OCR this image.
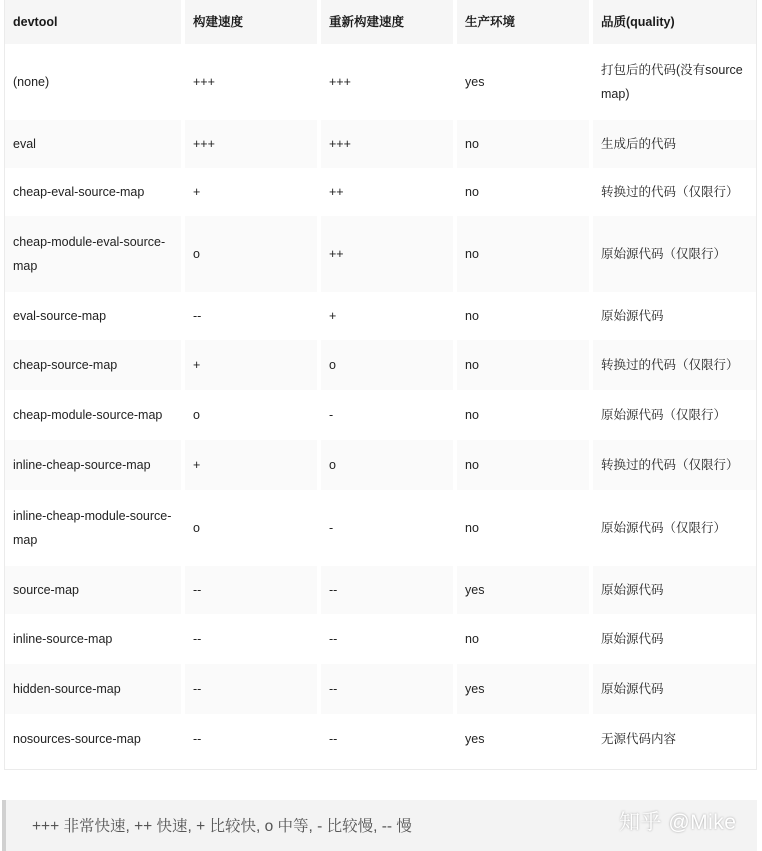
devtool	构建速度	重新构建速度	生产环境	品质(quality)
(none)	+++	+++	yes	打包后的代码(没有sourcemap)
eval	+++	+++	no	生成后的代码
cheap-eval-source-map	+	++	no	转换过的代码（仅限行）
cheap-module-eval-source-map	o	++	no	原始源代码（仅限行）
eval-source-map	--	+	no	原始源代码
cheap-source-map	+	o	no	转换过的代码（仅限行）
cheap-module-source-map	o	-	no	原始源代码（仅限行）
inline-cheap-source-map	+	o	no	转换过的代码（仅限行）
inline-cheap-module-source-map	o	-	no	原始源代码（仅限行）
source-map	--	--	yes	原始源代码
inline-source-map	--	--	no	原始源代码
hidden-source-map	--	--	yes	原始源代码
nosources-source-map	--	--	yes	无源代码内容
+++ 非常快速, ++ 快速, + 比较快, o 中等, - 比较慢, -- 慢	知乎 @Mike
